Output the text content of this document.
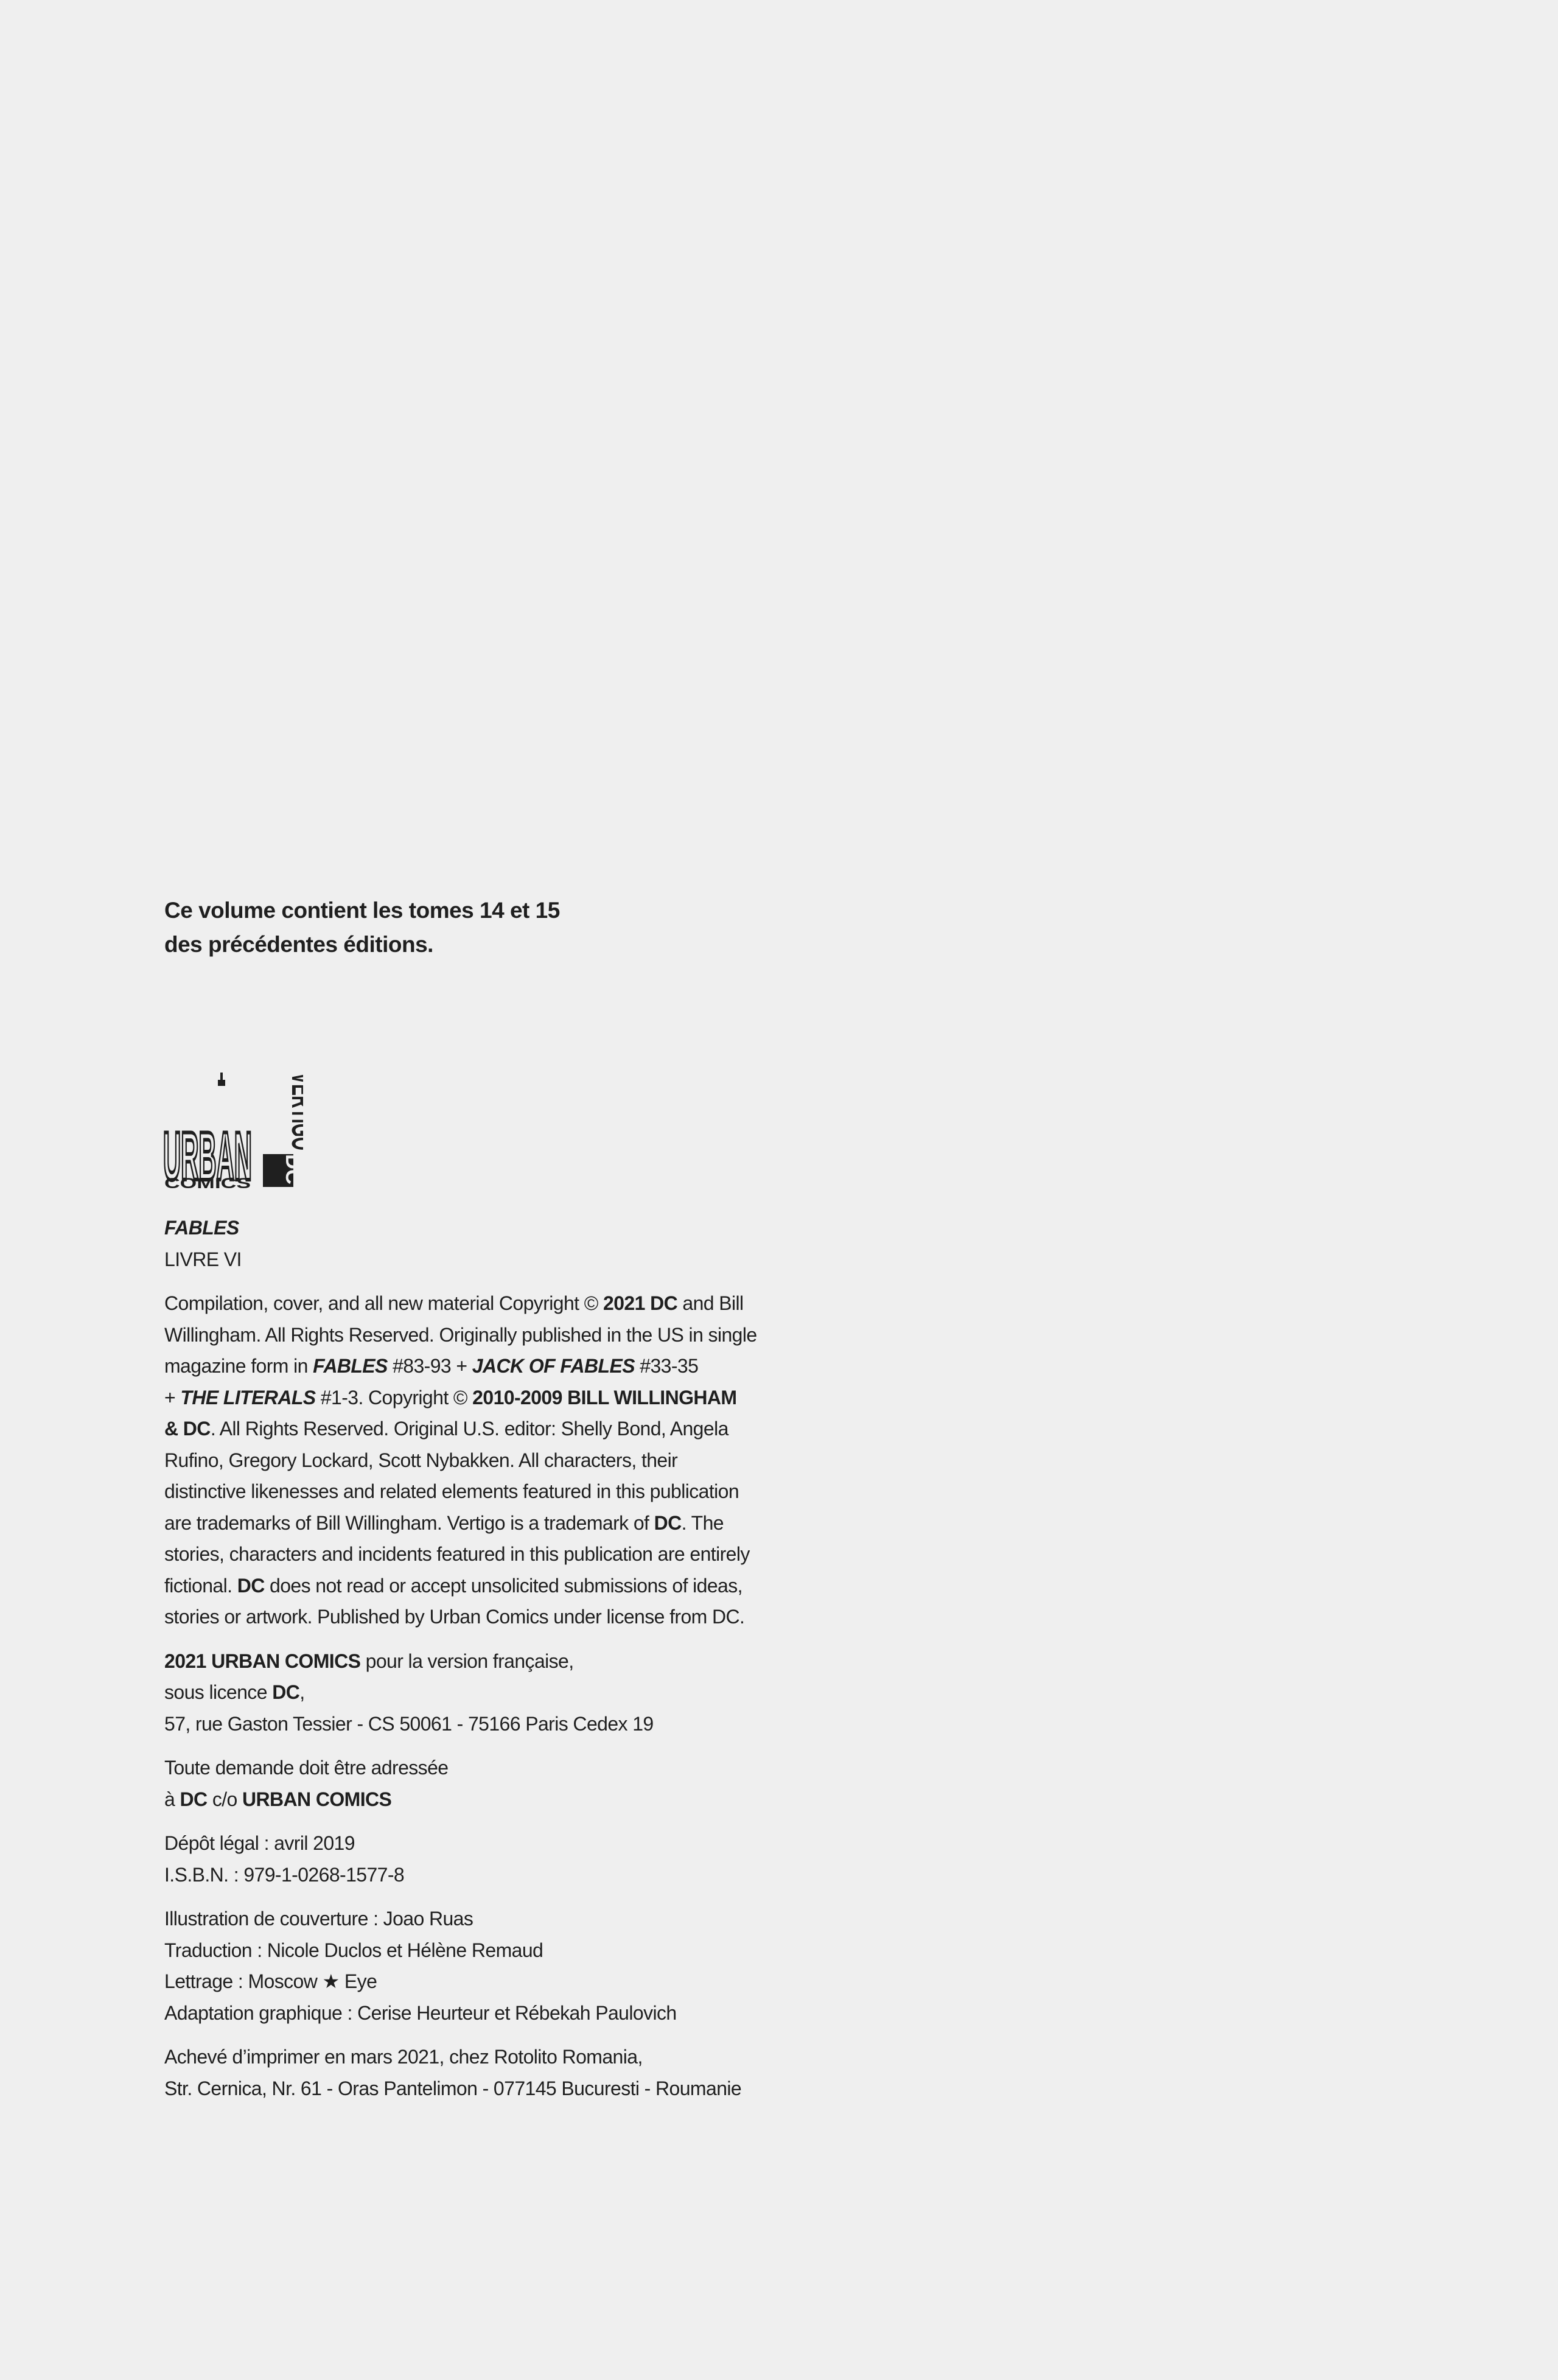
Ce volume contient les tomes 14 et 15
des précédentes éditions.
URBAN
COMICS
VERTIG
DC

FABLES
LIVRE VI

Compilation, cover, and all new material Copyright © 2021 DC and Bill
Willingham. All Rights Reserved. Originally published in the US in single
magazine form in FABLES #83-93 + JACK OF FABLES #33-35
+ THE LITERALS #1-3. Copyright © 2010-2009 BILL WILLINGHAM
& DC. All Rights Reserved. Original U.S. editor: Shelly Bond, Angela
Rufino, Gregory Lockard, Scott Nybakken. All characters, their
distinctive likenesses and related elements featured in this publication
are trademarks of Bill Willingham. Vertigo is a trademark of DC. The
stories, characters and incidents featured in this publication are entirely
fictional. DC does not read or accept unsolicited submissions of ideas,
stories or artwork. Published by Urban Comics under license from DC.

2021 URBAN COMICS pour la version française,
sous licence DC,
57, rue Gaston Tessier - CS 50061 - 75166 Paris Cedex 19

Toute demande doit être adressée
à DC c/o URBAN COMICS

Dépôt légal : avril 2019
I.S.B.N. : 979-1-0268-1577-8

Illustration de couverture : Joao Ruas
Traduction : Nicole Duclos et Hélène Remaud
Lettrage : Moscow ★ Eye
Adaptation graphique : Cerise Heurteur et Rébekah Paulovich

Achevé d’imprimer en mars 2021, chez Rotolito Romania,
Str. Cernica, Nr. 61 - Oras Pantelimon - 077145 Bucuresti - Roumanie
